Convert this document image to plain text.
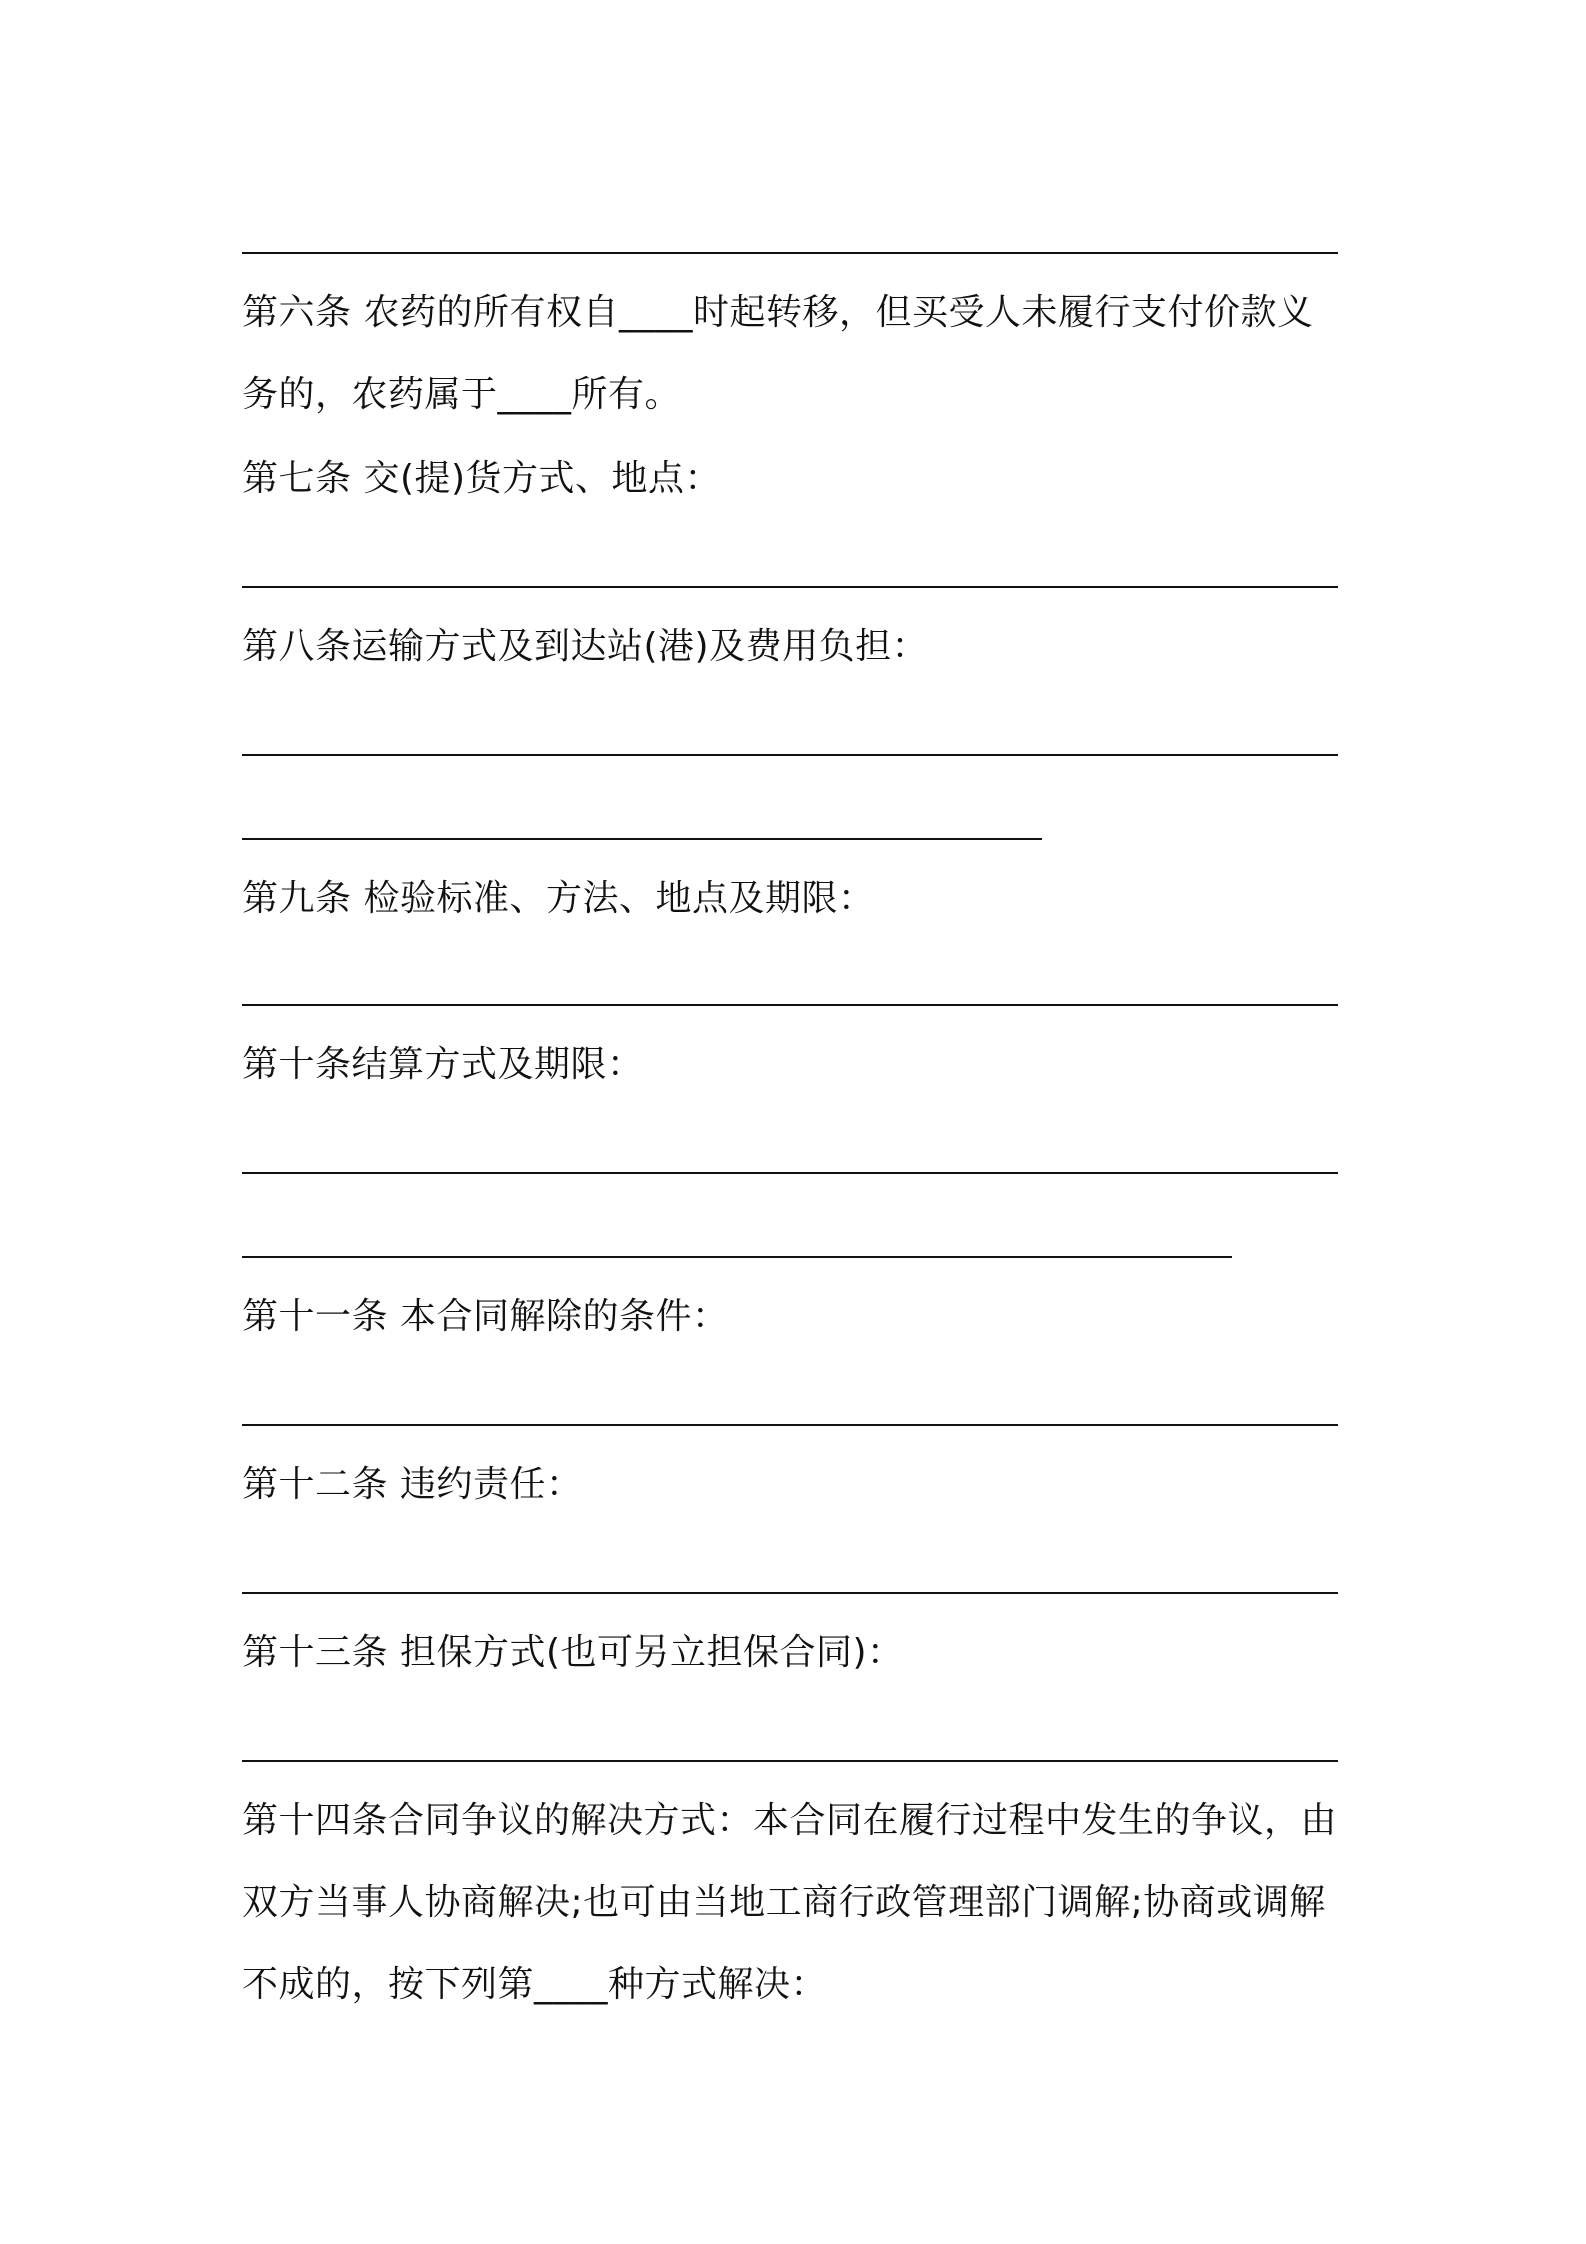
第六条 农药的所有权自____时起转移，但买受人未履行支付价款义
务的，农药属于____所有。
第七条 交(提)货方式、地点：
第八条运输方式及到达站(港)及费用负担：
第九条 检验标准、方法、地点及期限：
第十条结算方式及期限：
第十一条 本合同解除的条件：
第十二条 违约责任：
第十三条 担保方式(也可另立担保合同)：
第十四条合同争议的解决方式：本合同在履行过程中发生的争议，由
双方当事人协商解决;也可由当地工商行政管理部门调解;协商或调解
不成的，按下列第____种方式解决：
